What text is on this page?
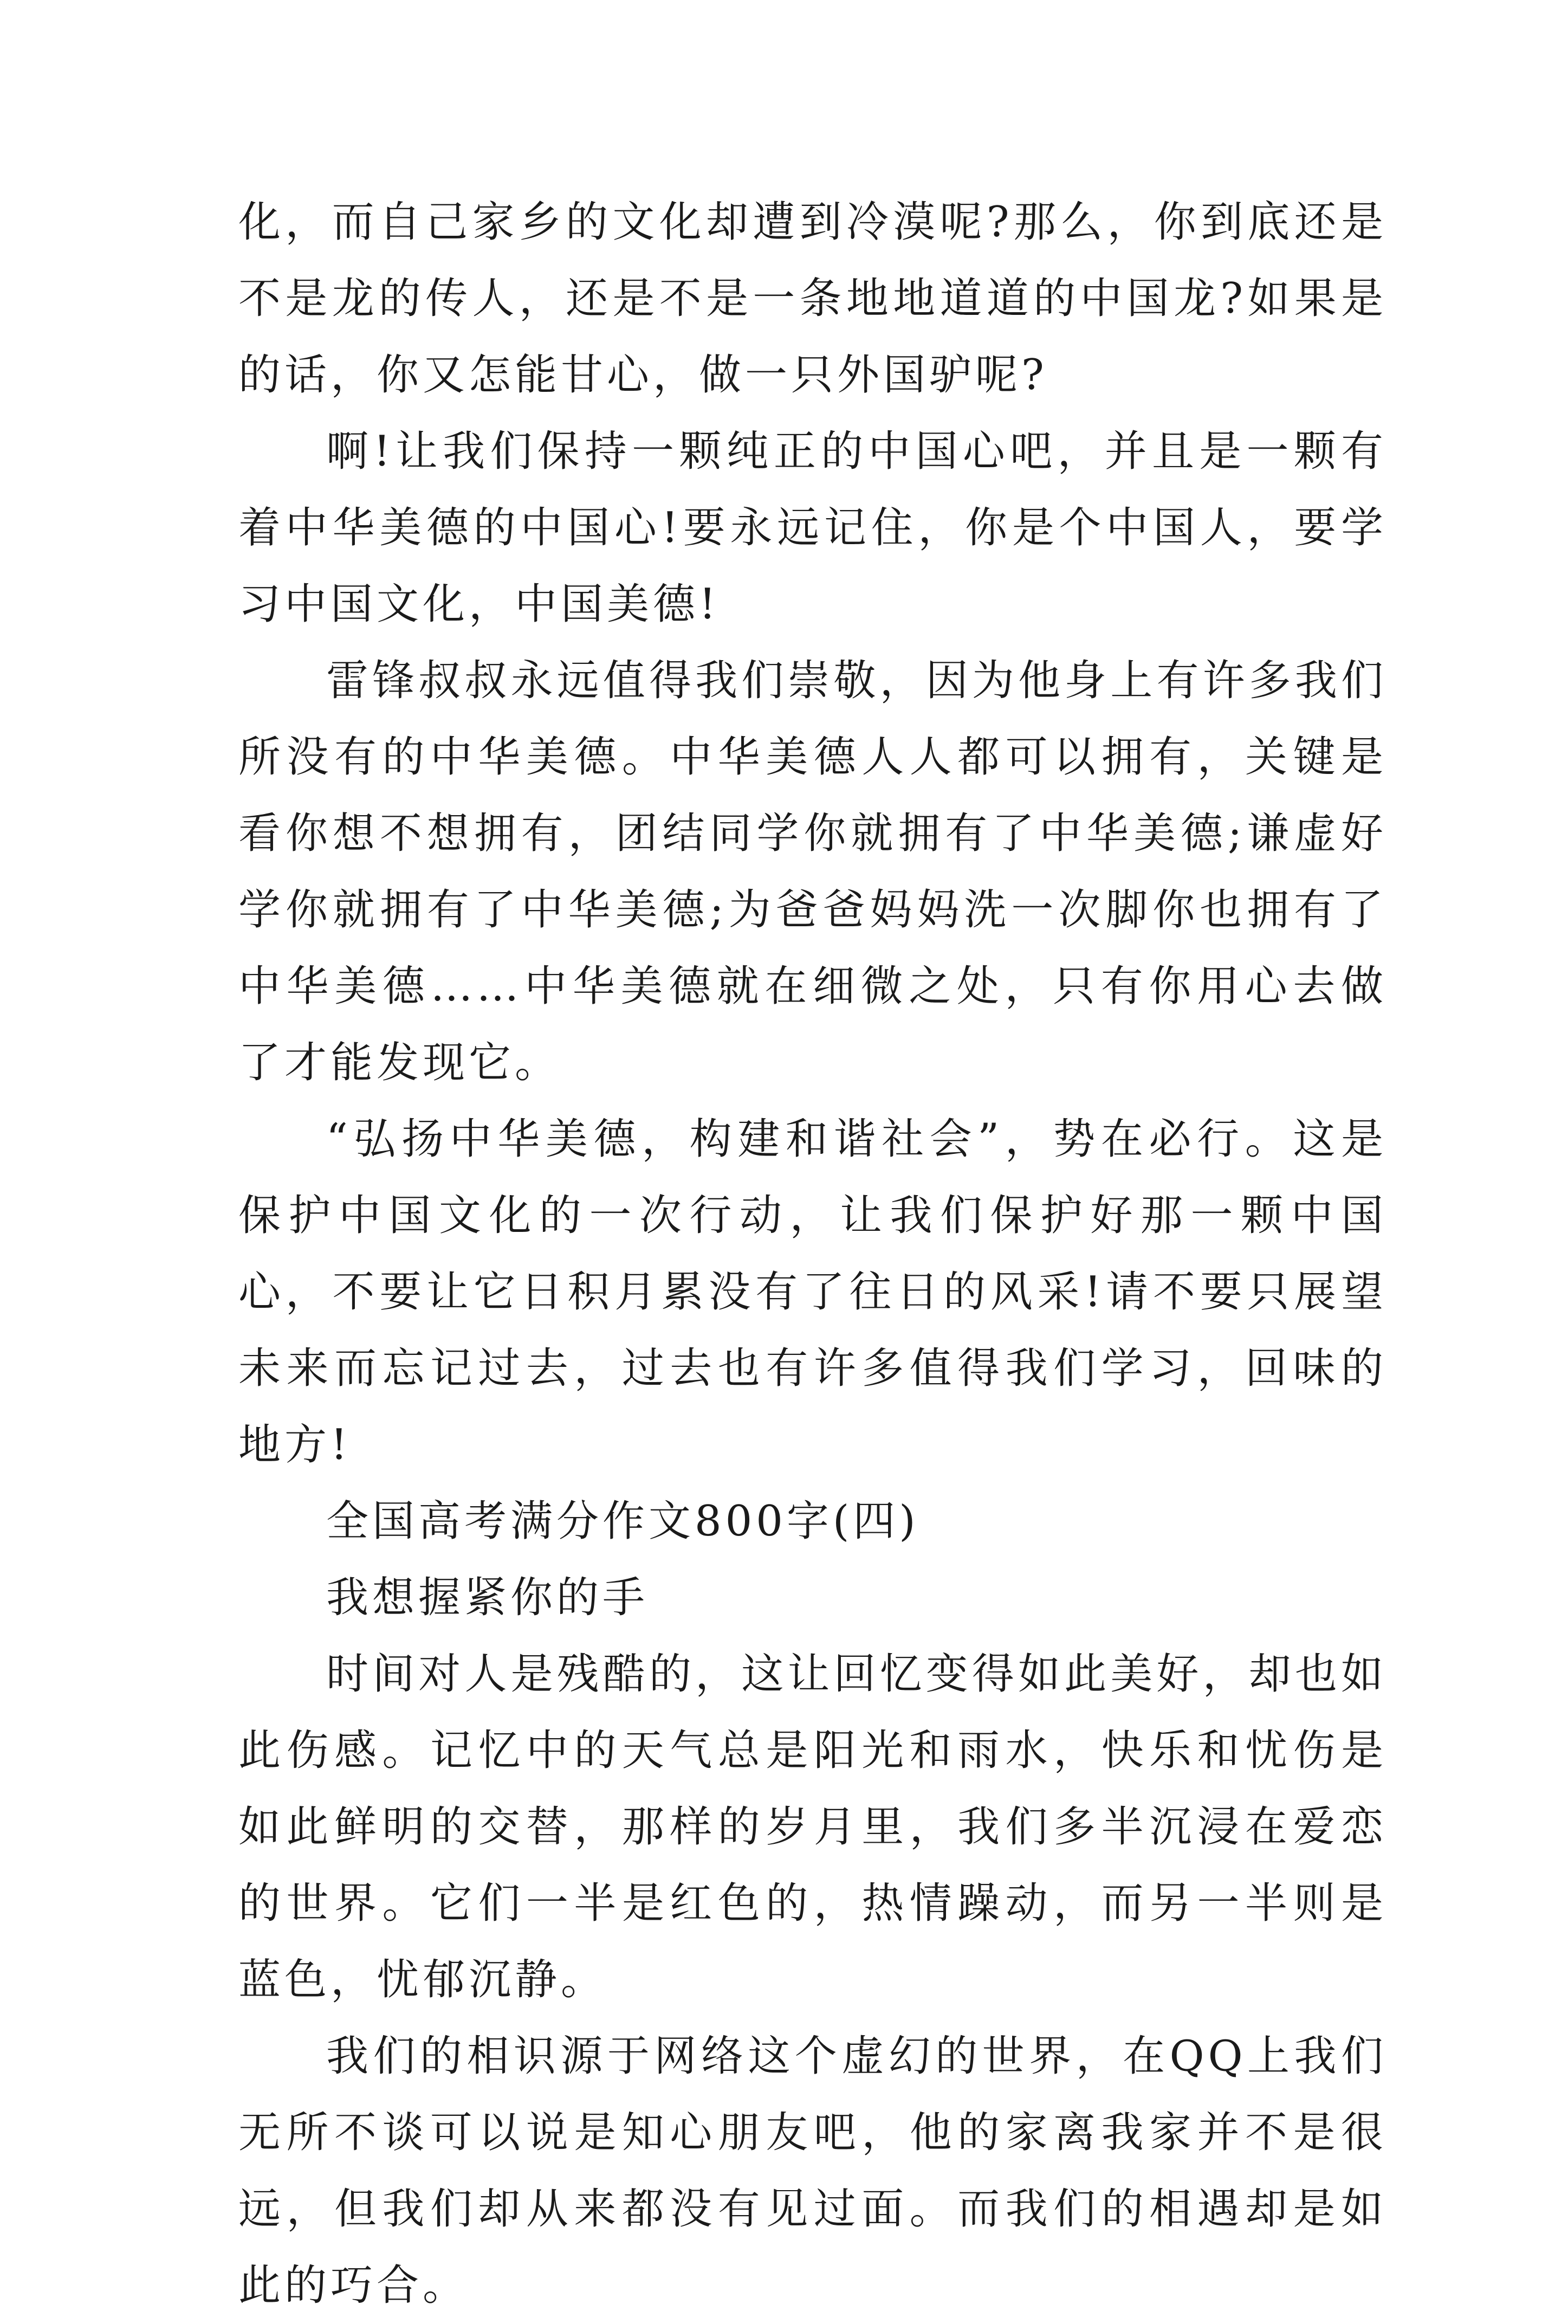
化，而自己家乡的文化却遭到冷漠呢?那么，你到底还是不是龙的传人，还是不是一条地地道道的中国龙?如果是的话，你又怎能甘心，做一只外国驴呢?

啊!让我们保持一颗纯正的中国心吧，并且是一颗有着中华美德的中国心!要永远记住，你是个中国人，要学习中国文化，中国美德!

雷锋叔叔永远值得我们崇敬，因为他身上有许多我们所没有的中华美德。中华美德人人都可以拥有，关键是看你想不想拥有，团结同学你就拥有了中华美德;谦虚好学你就拥有了中华美德;为爸爸妈妈洗一次脚你也拥有了中华美德……中华美德就在细微之处，只有你用心去做了才能发现它。

“弘扬中华美德，构建和谐社会”，势在必行。这是保护中国文化的一次行动，让我们保护好那一颗中国心，不要让它日积月累没有了往日的风采!请不要只展望未来而忘记过去，过去也有许多值得我们学习，回味的地方!

全国高考满分作文800字(四)

我想握紧你的手

时间对人是残酷的，这让回忆变得如此美好，却也如此伤感。记忆中的天气总是阳光和雨水，快乐和忧伤是如此鲜明的交替，那样的岁月里，我们多半沉浸在爱恋的世界。它们一半是红色的，热情躁动，而另一半则是蓝色，忧郁沉静。

我们的相识源于网络这个虚幻的世界，在QQ上我们无所不谈可以说是知心朋友吧，他的家离我家并不是很远，但我们却从来都没有见过面。而我们的相遇却是如此的巧合。
